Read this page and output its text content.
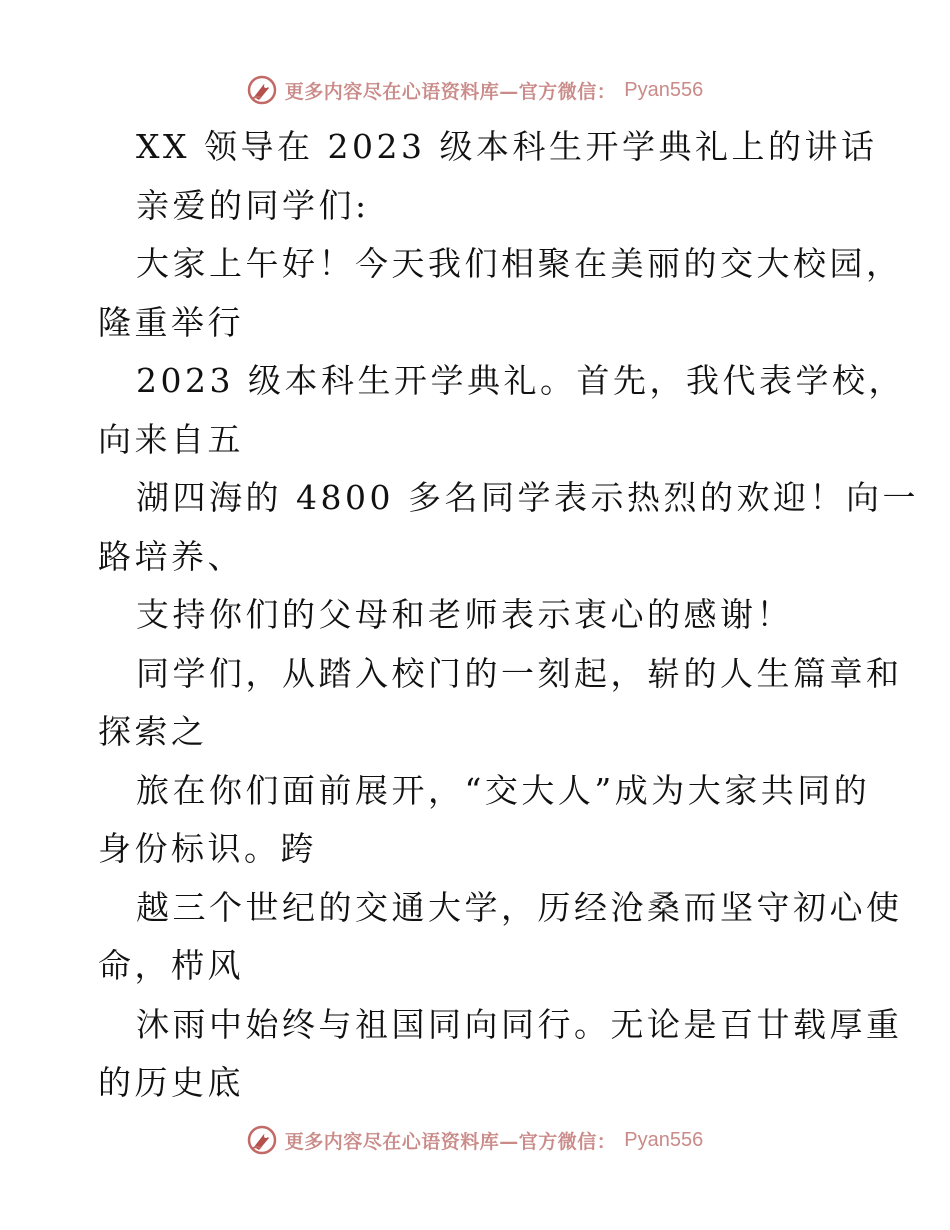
更多内容尽在心语资料库—官方微信： Pyan556
XX 领导在 2023 级本科生开学典礼上的讲话
亲爱的同学们:
大家上午好！今天我们相聚在美丽的交大校园，
隆重举行
2023 级本科生开学典礼。首先，我代表学校，
向来自五
湖四海的 4800 多名同学表示热烈的欢迎！向一
路培养、
支持你们的父母和老师表示衷心的感谢！
同学们，从踏入校门的一刻起，崭的人生篇章和
探索之
旅在你们面前展开，“交大人”成为大家共同的
身份标识。跨
越三个世纪的交通大学，历经沧桑而坚守初心使
命，栉风
沐雨中始终与祖国同向同行。无论是百廿载厚重
的历史底
更多内容尽在心语资料库—官方微信： Pyan556
